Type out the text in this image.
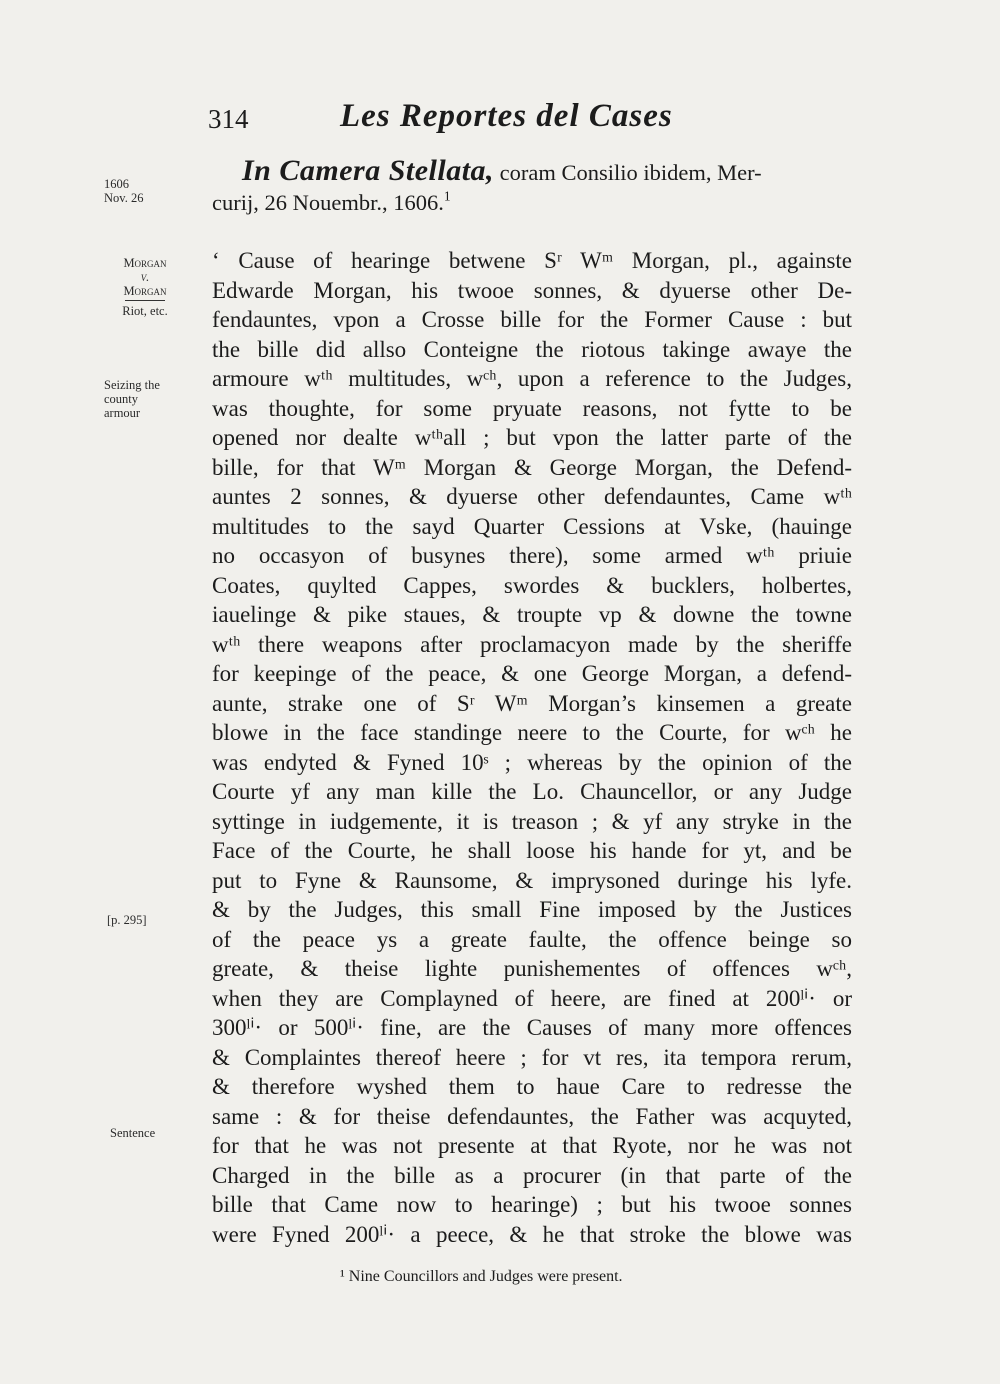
314	Les Reportes del Cases
1606
Nov. 26
Morgan
v.
Morgan
Riot, etc.
Seizing the
county
armour
[p. 295]
Sentence
In Camera Stellata, coram Consilio ibidem, Mer-
curij, 26 Nouembr., 1606.$^1$
‘ Cause of hearinge betwene Sʳ Wᵐ Morgan, pl., againste
Edwarde Morgan, his twooe sonnes, & dyuerse other De-
fendauntes, vpon a Crosse bille for the Former Cause : but
the bille did allso Conteigne the riotous takinge awaye the
armoure wᵗʰ multitudes, wᶜʰ, upon a reference to the Judges,
was thoughte, for some pryuate reasons, not fytte to be
opened nor dealte wᵗʰall ; but vpon the latter parte of the
bille, for that Wᵐ Morgan & George Morgan, the Defend-
auntes 2 sonnes, & dyuerse other defendauntes, Came wᵗʰ
multitudes to the sayd Quarter Cessions at Vske, (hauinge
no occasyon of busynes there), some armed wᵗʰ priuie
Coates, quylted Cappes, swordes & bucklers, holbertes,
iauelinge & pike staues, & troupte vp & downe the towne
wᵗʰ there weapons after proclamacyon made by the sheriffe
for keepinge of the peace, & one George Morgan, a defend-
aunte, strake one of Sʳ Wᵐ Morgan’s kinsemen a greate
blowe in the face standinge neere to the Courte, for wᶜʰ he
was endyted & Fyned 10ˢ ; whereas by the opinion of the
Courte yf any man kille the Lo. Chauncellor, or any Judge
syttinge in iudgemente, it is treason ; & yf any stryke in the
Face of the Courte, he shall loose his hande for yt, and be
put to Fyne & Raunsome, & imprysoned duringe his lyfe.
& by the Judges, this small Fine imposed by the Justices
of the peace ys a greate faulte, the offence beinge so
greate, & theise lighte punishementes of offences wᶜʰ,
when they are Complayned of heere, are fined at 200ˡⁱ· or
300ˡⁱ· or 500ˡⁱ· fine, are the Causes of many more offences
& Complaintes thereof heere ; for vt res, ita tempora rerum,
& therefore wyshed them to haue Care to redresse the
same : & for theise defendauntes, the Father was acquyted,
for that he was not presente at that Ryote, nor he was not
Charged in the bille as a procurer (in that parte of the
bille that Came now to hearinge) ; but his twooe sonnes
were Fyned 200ˡⁱ· a peece, & he that stroke the blowe was
¹ Nine Councillors and Judges were present.
